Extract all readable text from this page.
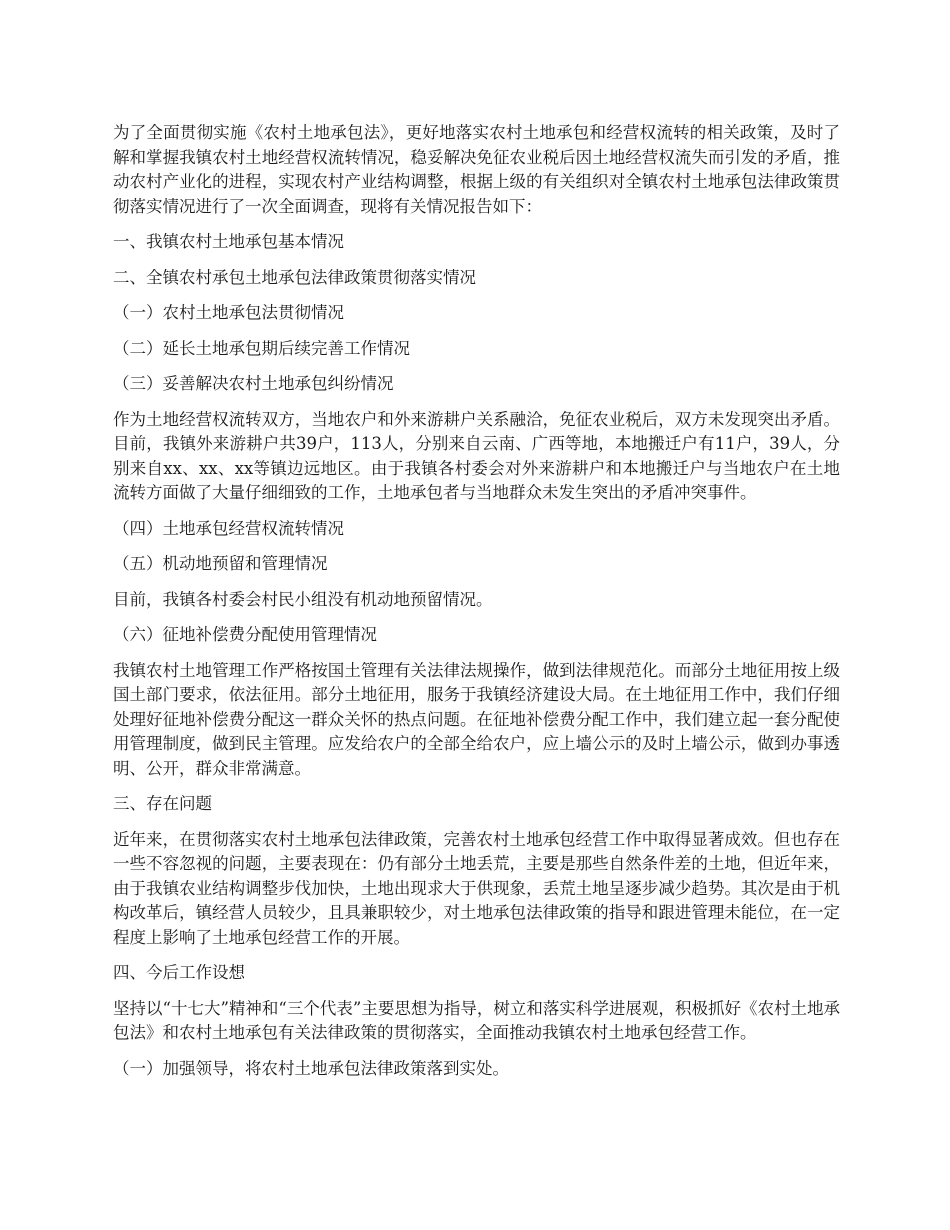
为了全面贯彻实施《农村土地承包法》，更好地落实农村土地承包和经营权流转的相关政策，及时了解和掌握我镇农村土地经营权流转情况，稳妥解决免征农业税后因土地经营权流失而引发的矛盾，推动农村产业化的进程，实现农村产业结构调整，根据上级的有关组织对全镇农村土地承包法律政策贯彻落实情况进行了一次全面调查，现将有关情况报告如下：

一、我镇农村土地承包基本情况

二、全镇农村承包土地承包法律政策贯彻落实情况

（一）农村土地承包法贯彻情况

（二）延长土地承包期后续完善工作情况

（三）妥善解决农村土地承包纠纷情况

作为土地经营权流转双方，当地农户和外来游耕户关系融洽，免征农业税后，双方未发现突出矛盾。目前，我镇外来游耕户共39户，113人，分别来自云南、广西等地，本地搬迁户有11户，39人，分别来自xx、xx、xx等镇边远地区。由于我镇各村委会对外来游耕户和本地搬迁户与当地农户在土地流转方面做了大量仔细细致的工作，土地承包者与当地群众未发生突出的矛盾冲突事件。

（四）土地承包经营权流转情况

（五）机动地预留和管理情况

目前，我镇各村委会村民小组没有机动地预留情况。

（六）征地补偿费分配使用管理情况

我镇农村土地管理工作严格按国土管理有关法律法规操作，做到法律规范化。而部分土地征用按上级国土部门要求，依法征用。部分土地征用，服务于我镇经济建设大局。在土地征用工作中，我们仔细处理好征地补偿费分配这一群众关怀的热点问题。在征地补偿费分配工作中，我们建立起一套分配使用管理制度，做到民主管理。应发给农户的全部全给农户，应上墙公示的及时上墙公示，做到办事透明、公开，群众非常满意。

三、存在问题

近年来，在贯彻落实农村土地承包法律政策，完善农村土地承包经营工作中取得显著成效。但也存在一些不容忽视的问题，主要表现在：仍有部分土地丢荒，主要是那些自然条件差的土地，但近年来，由于我镇农业结构调整步伐加快，土地出现求大于供现象，丢荒土地呈逐步减少趋势。其次是由于机构改革后，镇经营人员较少，且具兼职较少，对土地承包法律政策的指导和跟进管理未能位，在一定程度上影响了土地承包经营工作的开展。

四、今后工作设想

坚持以“十七大”精神和“三个代表”主要思想为指导，树立和落实科学进展观，积极抓好《农村土地承包法》和农村土地承包有关法律政策的贯彻落实，全面推动我镇农村土地承包经营工作。

（一）加强领导，将农村土地承包法律政策落到实处。
